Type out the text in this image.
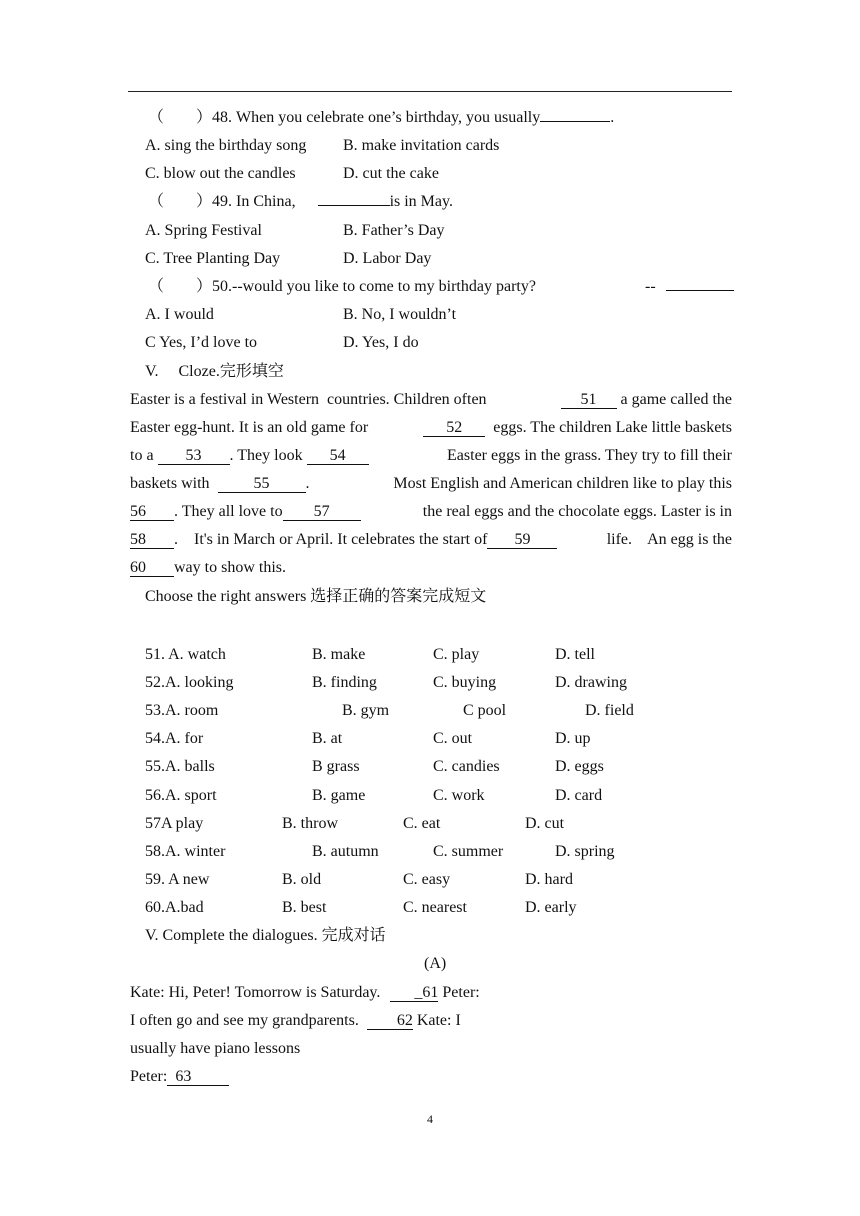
（　　）48. When you celebrate one’s birthday, you usually	.
A. sing the birthday song B. make invitation cards
C. blow out the candles	D. cut the cake
（　　）49. In China,	is in May.
A. Spring Festival	B. Father’s Day
C. Tree Planting Day	D. Labor Day
（　　）50.--would you like to come to my birthday party?	--
A. I would	B. No, I wouldn’t
C Yes, I’d love to	D. Yes, I do
V.　 Cloze.完形填空
Easter is a festival in Western  countries. Children often	51 a game called the
Easter egg-hunt. It is an old game for	52 eggs. The children Lake little baskets
to a 53 . They look 54	Easter eggs in the grass. They try to fill their
baskets with	55 .	Most English and American children like to play this
56 . They all love to 57	the real eggs and the chocolate eggs. Laster is in
58 .    It's in March or April. It celebrates the start of 59	life.    An egg is the
60 way to show this.
Choose the right answers 选择正确的答案完成短文
51. A. watch	B. make	C. play	D. tell
52.A. looking	B. finding	C. buying	D. drawing
53.A. room	B. gym	C pool	D. field
54.A. for	B. at	C. out	D. up
55.A. balls	B grass	C. candies	D. eggs
56.A. sport	B. game	C. work	D. card
57A play	B. throw	C. eat	D. cut
58.A. winter	B. autumn	C. summer	D. spring
59. A new	B. old	C. easy	D. hard
60.A.bad	B. best	C. nearest	D. early
V. Complete the dialogues. 完成对话
(A)
Kate: Hi, Peter! Tomorrow is Saturday. _61 Peter:
I often go and see my grandparents. 62 Kate: I
usually have piano lessons
Peter: 63
4
